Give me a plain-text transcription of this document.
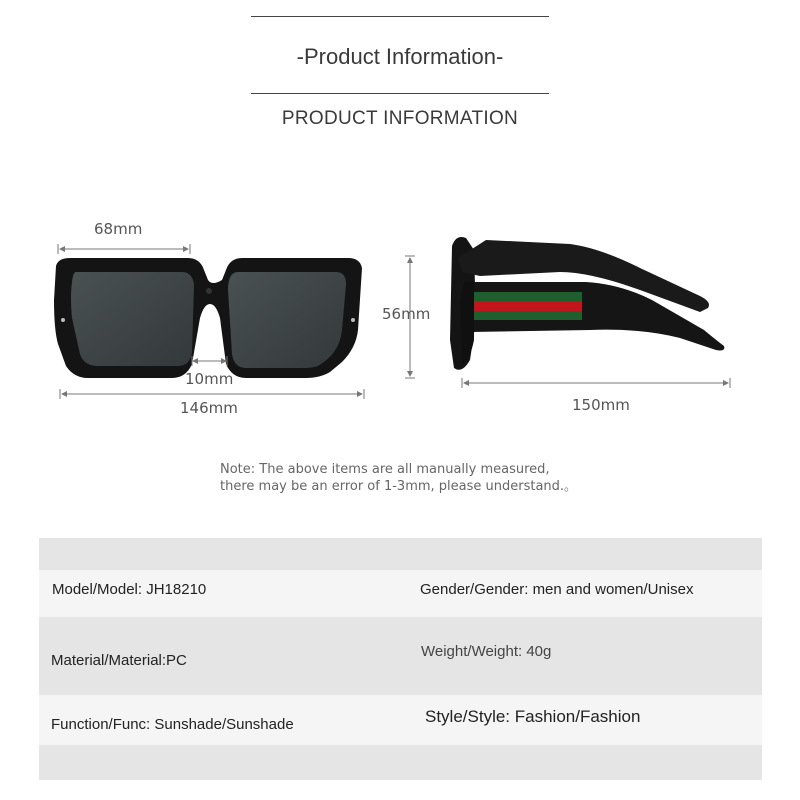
-Product Information-
PRODUCT INFORMATION
68mm
10mm
146mm
56mm
150mm
Note: The above items are all manually measured,
there may be an error of 1-3mm, please understand.。
Model/Model: JH18210	Gender/Gender: men and women/Unisex
Material/Material:PC
Weight/Weight: 40g
Function/Func: Sunshade/Sunshade	Style/Style: Fashion/Fashion
